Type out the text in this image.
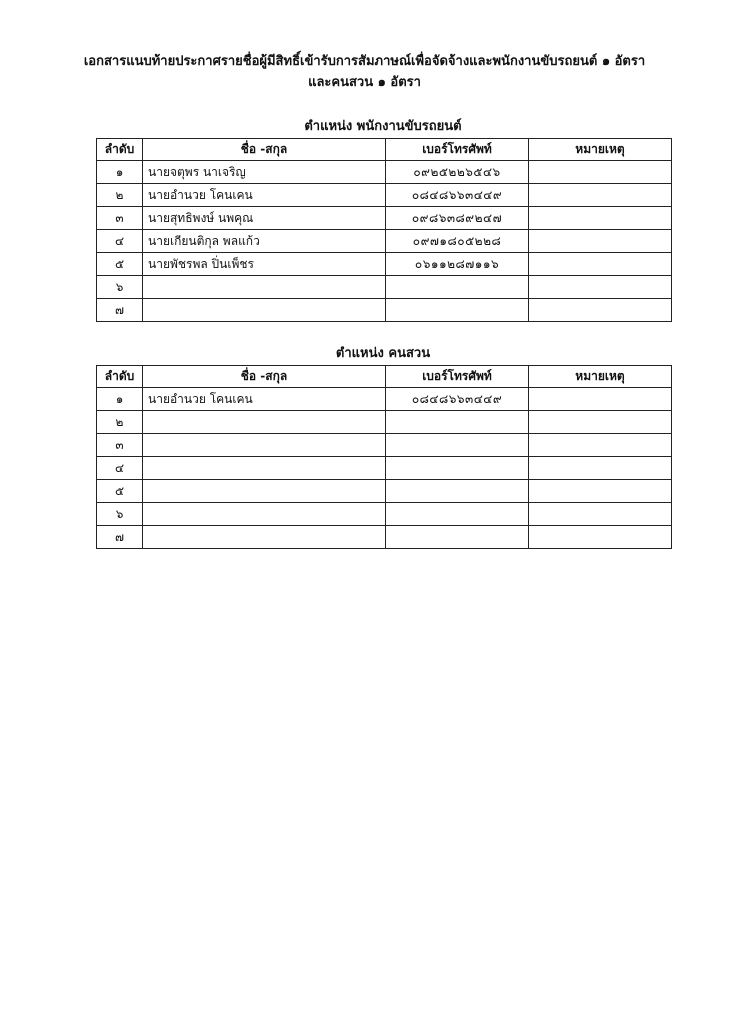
เอกสารแนบท้ายประกาศรายชื่อผู้มีสิทธิ์เข้ารับการสัมภาษณ์เพื่อจัดจ้างและพนักงานขับรถยนต์ ๑ อัตรา
และคนสวน ๑ อัตรา
ตำแหน่ง พนักงานขับรถยนต์
ลำดับ	ชื่อ -สกุล	เบอร์โทรศัพท์	หมายเหตุ
๑	นายจตุพร นาเจริญ	๐๙๒๕๒๒๖๕๔๖	
๒	นายอำนวย โคนเคน	๐๘๔๘๖๖๓๔๔๙	
๓	นายสุทธิพงษ์ นพคุณ	๐๙๘๖๓๘๙๒๔๗	
๔	นายเกียนติกุล พลแก้ว	๐๙๗๑๘๐๕๒๒๘	
๕	นายพัชรพล ปิ่นเพ็ชร	๐๖๑๑๒๘๗๑๑๖	
๖			
๗			
ตำแหน่ง คนสวน
ลำดับ	ชื่อ -สกุล	เบอร์โทรศัพท์	หมายเหตุ
๑	นายอำนวย โคนเคน	๐๘๔๘๖๖๓๔๔๙	
๒			
๓			
๔			
๕			
๖			
๗			
